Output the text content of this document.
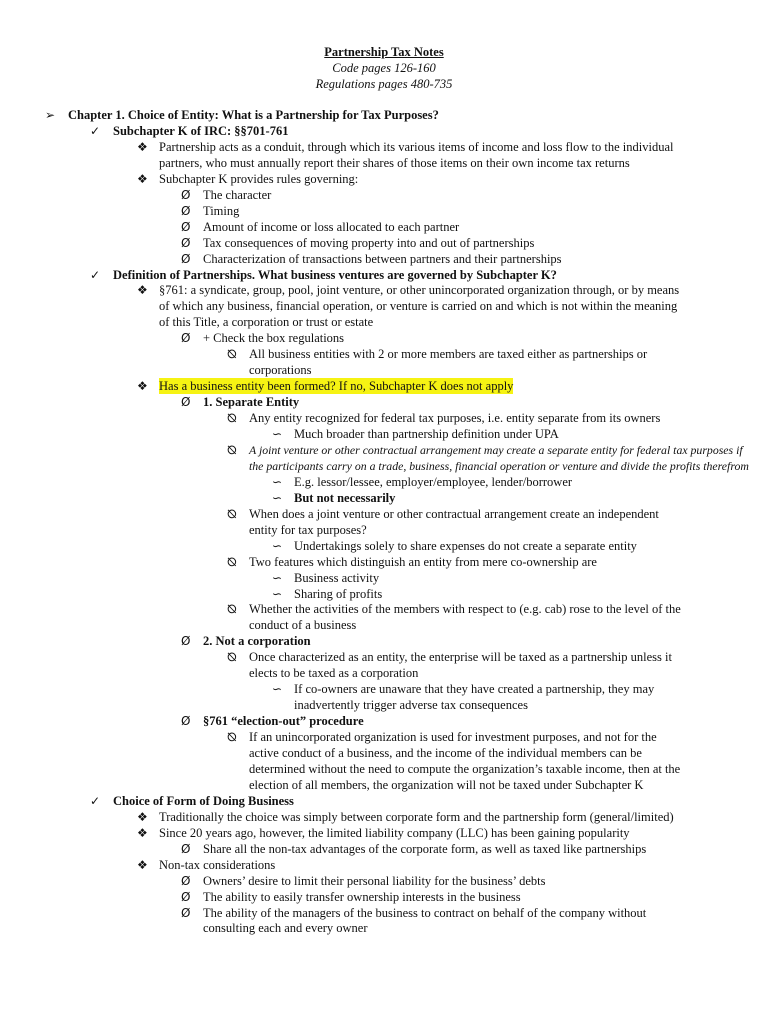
Partnership Tax Notes
Code pages 126-160
Regulations pages 480-735
➢ Chapter 1. Choice of Entity: What is a Partnership for Tax Purposes?
✓ Subchapter K of IRC: §§701-761
❖ Partnership acts as a conduit, through which its various items of income and loss flow to the individual
partners, who must annually report their shares of those items on their own income tax returns
❖ Subchapter K provides rules governing:
Ø The character
Ø Timing
Ø Amount of income or loss allocated to each partner
Ø Tax consequences of moving property into and out of partnerships
Ø Characterization of transactions between partners and their partnerships
✓ Definition of Partnerships. What business ventures are governed by Subchapter K?
❖ §761: a syndicate, group, pool, joint venture, or other unincorporated organization through, or by means
of which any business, financial operation, or venture is carried on and which is not within the meaning
of this Title, a corporation or trust or estate
Ø + Check the box regulations
⦰ All business entities with 2 or more members are taxed either as partnerships or
corporations
❖ Has a business entity been formed? If no, Subchapter K does not apply
Ø 1. Separate Entity
⦰ Any entity recognized for federal tax purposes, i.e. entity separate from its owners
∽ Much broader than partnership definition under UPA
⦰ A joint venture or other contractual arrangement may create a separate entity for federal tax purposes if
the participants carry on a trade, business, financial operation or venture and divide the profits therefrom
∽ E.g. lessor/lessee, employer/employee, lender/borrower
∽ But not necessarily
⦰ When does a joint venture or other contractual arrangement create an independent
entity for tax purposes?
∽ Undertakings solely to share expenses do not create a separate entity
⦰ Two features which distinguish an entity from mere co-ownership are
∽ Business activity
∽ Sharing of profits
⦰ Whether the activities of the members with respect to (e.g. cab) rose to the level of the
conduct of a business
Ø 2. Not a corporation
⦰ Once characterized as an entity, the enterprise will be taxed as a partnership unless it
elects to be taxed as a corporation
∽ If co-owners are unaware that they have created a partnership, they may
inadvertently trigger adverse tax consequences
Ø §761 “election-out” procedure
⦰ If an unincorporated organization is used for investment purposes, and not for the
active conduct of a business, and the income of the individual members can be
determined without the need to compute the organization’s taxable income, then at the
election of all members, the organization will not be taxed under Subchapter K
✓ Choice of Form of Doing Business
❖ Traditionally the choice was simply between corporate form and the partnership form (general/limited)
❖ Since 20 years ago, however, the limited liability company (LLC) has been gaining popularity
Ø Share all the non-tax advantages of the corporate form, as well as taxed like partnerships
❖ Non-tax considerations
Ø Owners’ desire to limit their personal liability for the business’ debts
Ø The ability to easily transfer ownership interests in the business
Ø The ability of the managers of the business to contract on behalf of the company without
consulting each and every owner
